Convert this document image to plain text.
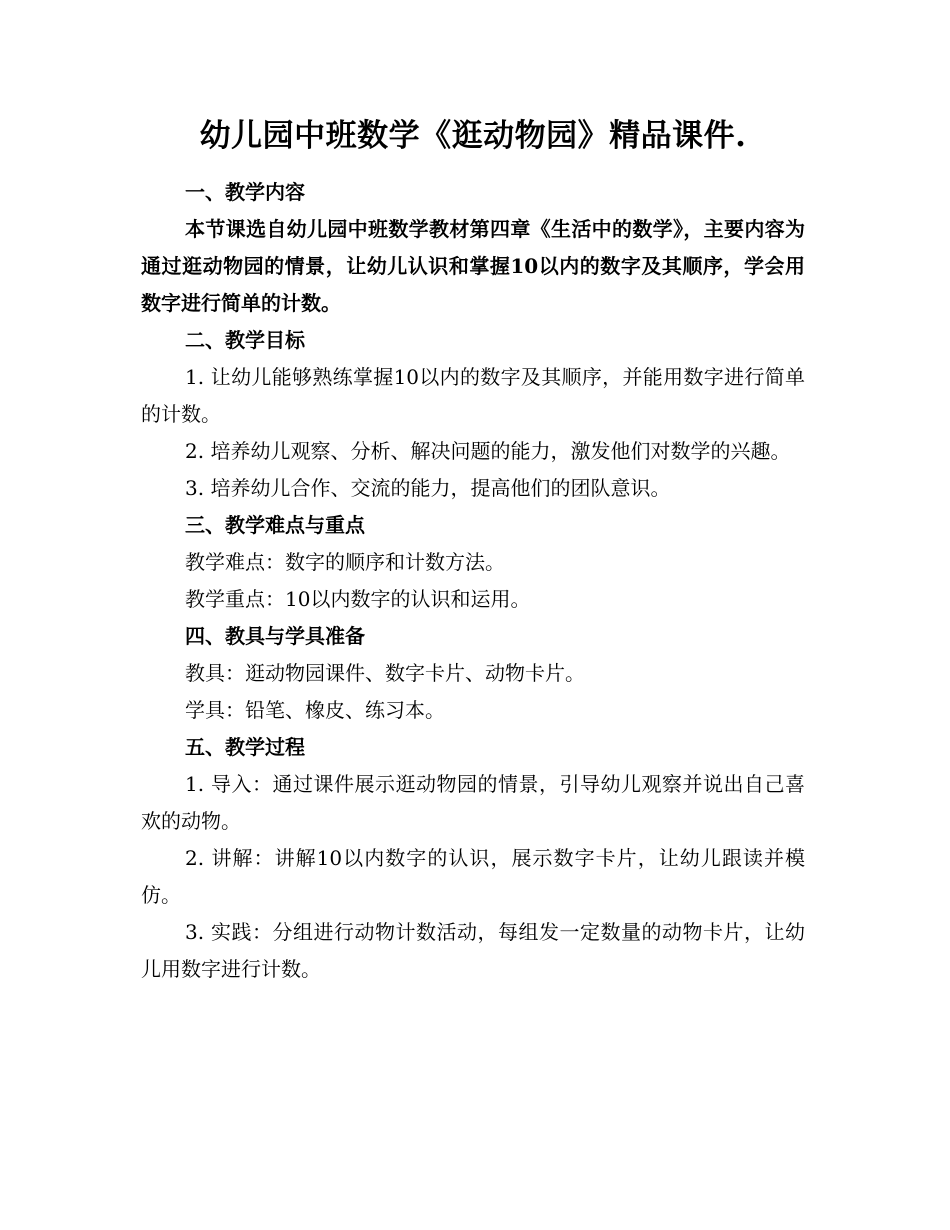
幼儿园中班数学《逛动物园》精品课件.
一、教学内容

本节课选自幼儿园中班数学教材第四章《生活中的数学》，主要内容为通过逛动物园的情景，让幼儿认识和掌握10以内的数字及其顺序，学会用数字进行简单的计数。

二、教学目标

1. 让幼儿能够熟练掌握10以内的数字及其顺序，并能用数字进行简单的计数。

2. 培养幼儿观察、分析、解决问题的能力，激发他们对数学的兴趣。

3. 培养幼儿合作、交流的能力，提高他们的团队意识。

三、教学难点与重点

教学难点：数字的顺序和计数方法。

教学重点：10以内数字的认识和运用。

四、教具与学具准备

教具：逛动物园课件、数字卡片、动物卡片。

学具：铅笔、橡皮、练习本。

五、教学过程

1. 导入：通过课件展示逛动物园的情景，引导幼儿观察并说出自己喜欢的动物。

2. 讲解：讲解10以内数字的认识，展示数字卡片，让幼儿跟读并模仿。

3. 实践：分组进行动物计数活动，每组发一定数量的动物卡片，让幼儿用数字进行计数。
